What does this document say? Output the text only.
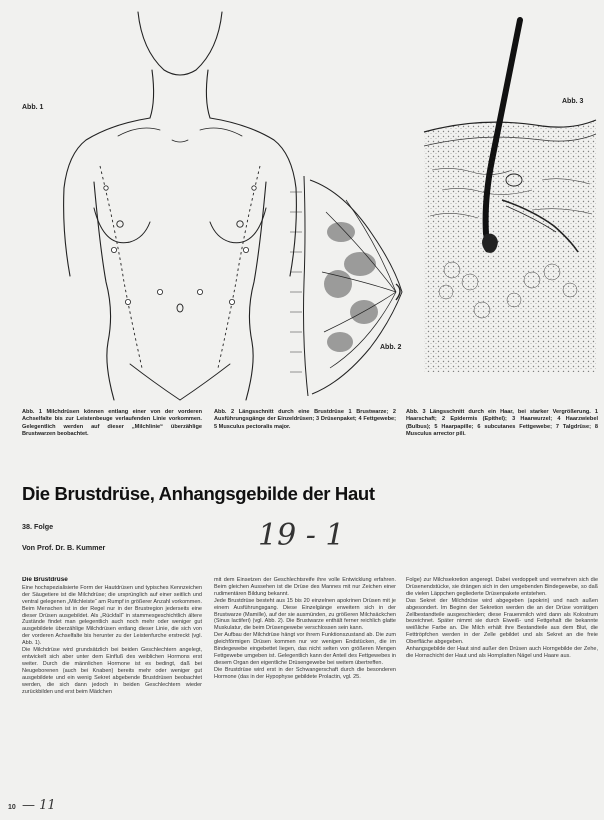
Abb. 1
Abb. 2
Abb. 3
Abb. 1 Milchdrüsen können entlang einer von der vorderen Achselfalte bis zur Leistenbeuge verlaufenden Linie vorkommen. Gelegentlich werden auf dieser „Milchlinie“ überzählige Brustwarzen beobachtet.
Abb. 2 Längsschnitt durch eine Brustdrüse 1 Brustwarze; 2 Ausführungsgänge der Einzeldrüsen; 3 Drüsenpaket; 4 Fettgewebe; 5 Musculus pectoralis major.
Abb. 3 Längsschnitt durch ein Haar, bei starker Vergrößerung. 1 Haarschaft; 2 Epidermis (Epithel); 3 Haarwurzel; 4 Haarzwiebel (Bulbus); 5 Haarpapille; 6 subcutanes Fettgewebe; 7 Talgdrüse; 8 Musculus arrector pili.
Die Brustdrüse, Anhangsgebilde der Haut
38. Folge
Von Prof. Dr. B. Kummer	19 - 1

Die Brustdrüse

Eine hochspezialisierte Form der Hautdrüsen und typisches Kennzeichen der Säugetiere ist die Milchdrüse; die ursprünglich auf einer seitlich und ventral gelegenen „Milchleiste“ am Rumpf in größerer Anzahl vorkommen. Beim Menschen ist in der Regel nur in der Brustregion jederseits eine dieser Drüsen ausgebildet. Als „Rückfall“ in stammesgeschichtlich ältere Zustände findet man gelegentlich auch noch mehr oder weniger gut ausgebildete überzählige Milchdrüsen entlang dieser Linie, die sich von der vorderen Achselfalte bis herunter zu der Leistenfurche erstreckt (vgl. Abb. 1).

Die Milchdrüse wird grundsätzlich bei beiden Geschlechtern angelegt, entwickelt sich aber unter dem Einfluß des weiblichen Hormons erst weiter. Durch die männlichen Hormone ist es bedingt, daß bei Neugeborenen (auch bei Knaben) bereits mehr oder weniger gut ausgebildete und ein wenig Sekret abgebende Brustdrüsen beobachtet werden, die sich dann jedoch in beiden Geschlechtern wieder zurückbilden und erst beim Mädchen

mit dem Einsetzen der Geschlechtsreife ihre volle Entwicklung erfahren. Beim gleichen Aussehen ist die Drüse des Mannes mit nur Zeichen einer rudimentären Bildung bekannt.

Jede Brustdrüse besteht aus 15 bis 20 einzelnen apokrinen Drüsen mit je einem Ausführungsgang. Diese Einzelgänge erweitern sich in der Brustwarze (Mamille), auf der sie ausmünden, zu größeren Milchsäckchen (Sinus lactiferi) (vgl. Abb. 2). Die Brustwarze enthält ferner reichlich glatte Muskulatur, die beim Drüsengewebe verschlossen sein kann.

Der Aufbau der Milchdrüse hängt vor ihrem Funktionszustand ab. Die zum gleichförmigen Drüsen kommen nur vor wenigen Endstücken, die im Bindegewebe eingebettet liegen, das nicht selten von größeren Mengen Fettgewebe umgeben ist. Gelegentlich kann der Anteil des Fettgewebes in diesem Organ den eigentliche Drüsengewebe bei weitem übertreffen.

Die Brustdrüse wird erst in der Schwangerschaft durch die besonderen Hormone (das in der Hypophyse gebildete Prolactin, vgl. 25.

Folge) zur Milchsekretion angeregt. Dabei verdoppelt und vermehren sich die Drüsenendstücke, sie drängen sich in den umgebenden Bindegewebe, so daß die vielen Läppchen gegliederte Drüsenpakete entstehen.

Das Sekret der Milchdrüse wird abgegeben (apokrin) und nach außen abgesondert. Im Beginn der Sekretion werden die an der Drüse vorrätigen Zellbestandteile ausgeschieden; diese Frauenmilch wird dann als Kolostrum bezeichnet. Später nimmt sie durch Eiweiß- und Fettgehalt die bekannte weißliche Farbe an. Die Milch erhält ihre Bestandteile aus dem Blut, die Fetttröpfchen werden in der Zelle gebildet und als Sekret an die freie Oberfläche abgegeben.

Anhangsgebilde der Haut sind außer den Drüsen auch Horngebilde der Zehe, die Hornschicht der Haut und als Hornplatten Nägel und Haare aus.

10 — 11
